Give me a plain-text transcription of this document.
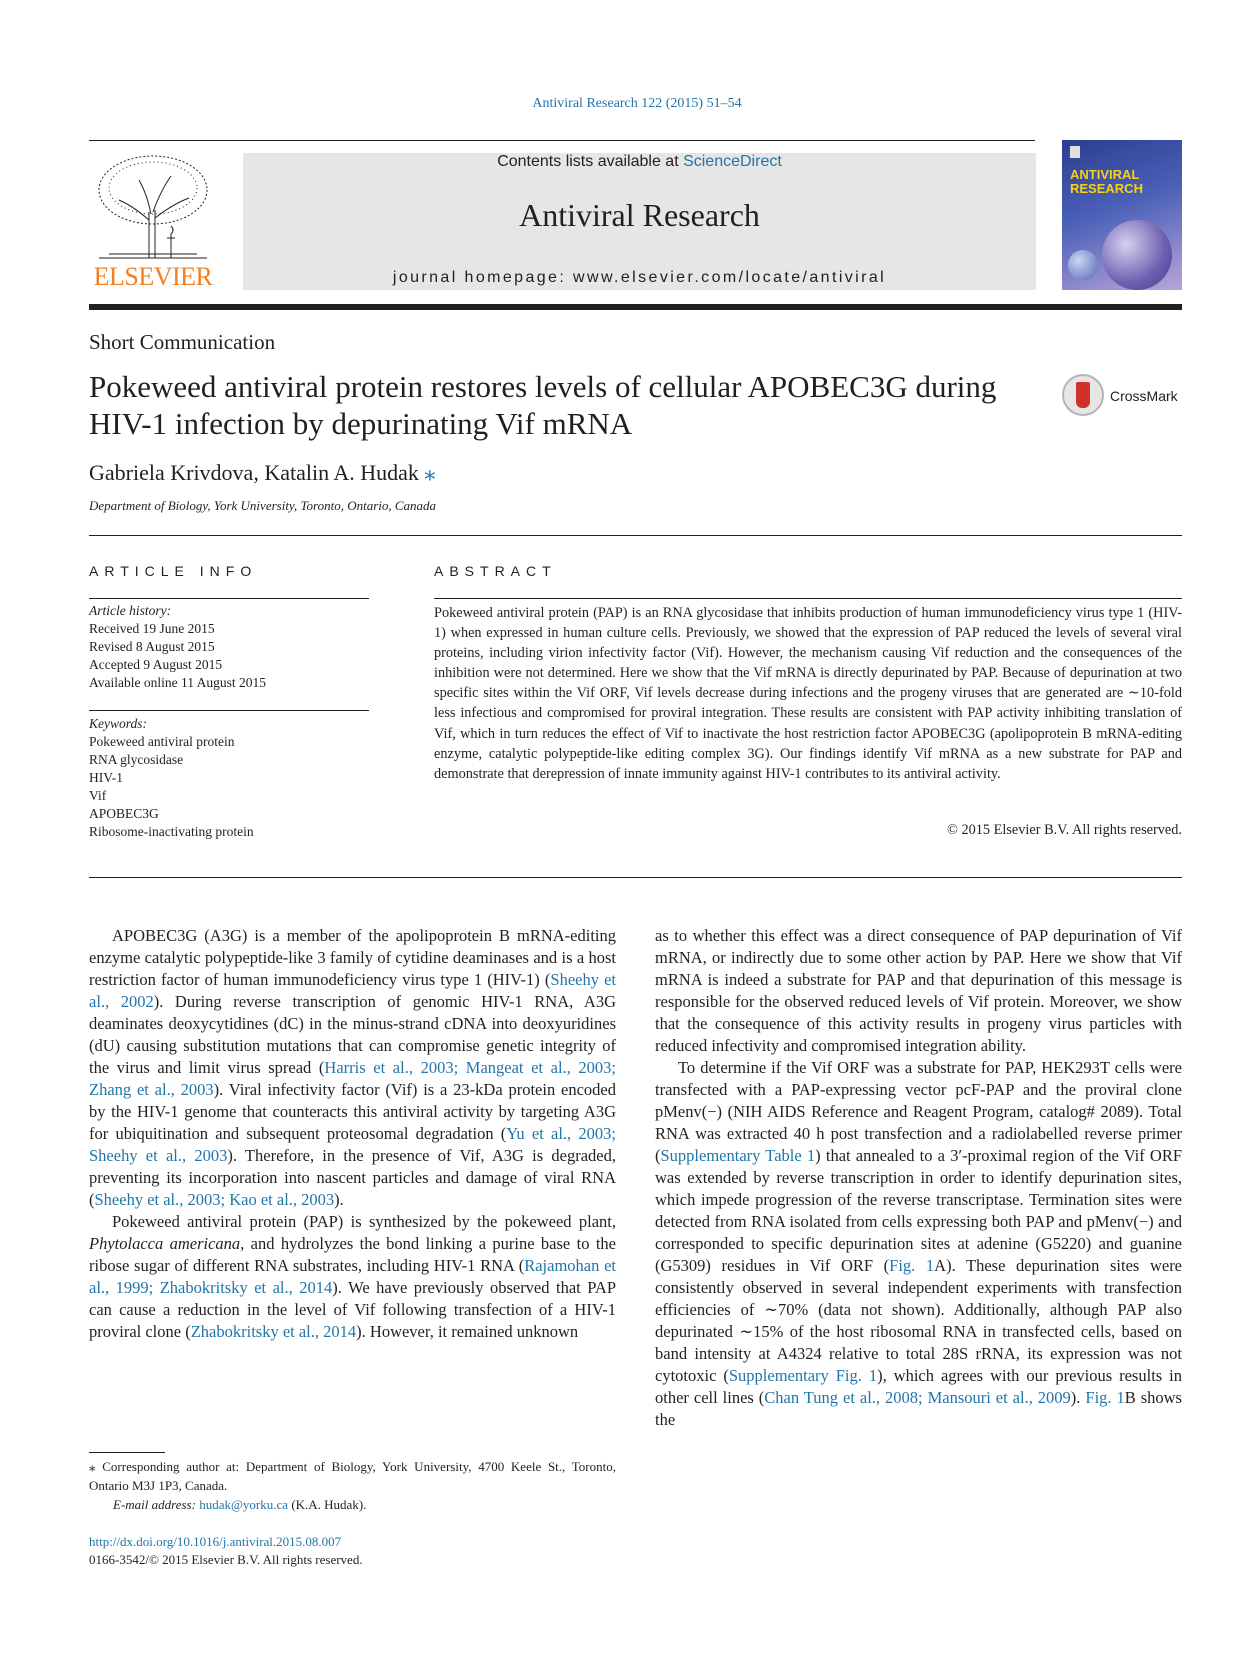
Antiviral Research 122 (2015) 51–54
ELSEVIER
Contents lists available at ScienceDirect
Antiviral Research
journal homepage: www.elsevier.com/locate/antiviral
ANTIVIRAL RESEARCH
Short Communication
Pokeweed antiviral protein restores levels of cellular APOBEC3G during HIV-1 infection by depurinating Vif mRNA
CrossMark
Gabriela Krivdova, Katalin A. Hudak ⁎
Department of Biology, York University, Toronto, Ontario, Canada
ARTICLE INFO
Article history:
Received 19 June 2015
Revised 8 August 2015
Accepted 9 August 2015
Available online 11 August 2015
Keywords:
Pokeweed antiviral protein
RNA glycosidase
HIV-1
Vif
APOBEC3G
Ribosome-inactivating protein
ABSTRACT
Pokeweed antiviral protein (PAP) is an RNA glycosidase that inhibits production of human immunodeficiency virus type 1 (HIV-1) when expressed in human culture cells. Previously, we showed that the expression of PAP reduced the levels of several viral proteins, including virion infectivity factor (Vif). However, the mechanism causing Vif reduction and the consequences of the inhibition were not determined. Here we show that the Vif mRNA is directly depurinated by PAP. Because of depurination at two specific sites within the Vif ORF, Vif levels decrease during infections and the progeny viruses that are generated are ∼10-fold less infectious and compromised for proviral integration. These results are consistent with PAP activity inhibiting translation of Vif, which in turn reduces the effect of Vif to inactivate the host restriction factor APOBEC3G (apolipoprotein B mRNA-editing enzyme, catalytic polypeptide-like editing complex 3G). Our findings identify Vif mRNA as a new substrate for PAP and demonstrate that derepression of innate immunity against HIV-1 contributes to its antiviral activity.
© 2015 Elsevier B.V. All rights reserved.

APOBEC3G (A3G) is a member of the apolipoprotein B mRNA-editing enzyme catalytic polypeptide-like 3 family of cytidine deaminases and is a host restriction factor of human immunodeficiency virus type 1 (HIV-1) (Sheehy et al., 2002). During reverse transcription of genomic HIV-1 RNA, A3G deaminates deoxycytidines (dC) in the minus-strand cDNA into deoxyuridines (dU) causing substitution mutations that can compromise genetic integrity of the virus and limit virus spread (Harris et al., 2003; Mangeat et al., 2003; Zhang et al., 2003). Viral infectivity factor (Vif) is a 23-kDa protein encoded by the HIV-1 genome that counteracts this antiviral activity by targeting A3G for ubiquitination and subsequent proteosomal degradation (Yu et al., 2003; Sheehy et al., 2003). Therefore, in the presence of Vif, A3G is degraded, preventing its incorporation into nascent particles and damage of viral RNA (Sheehy et al., 2003; Kao et al., 2003).

Pokeweed antiviral protein (PAP) is synthesized by the pokeweed plant, Phytolacca americana, and hydrolyzes the bond linking a purine base to the ribose sugar of different RNA substrates, including HIV-1 RNA (Rajamohan et al., 1999; Zhabokritsky et al., 2014). We have previously observed that PAP can cause a reduction in the level of Vif following transfection of a HIV-1 proviral clone (Zhabokritsky et al., 2014). However, it remained unknown

as to whether this effect was a direct consequence of PAP depurination of Vif mRNA, or indirectly due to some other action by PAP. Here we show that Vif mRNA is indeed a substrate for PAP and that depurination of this message is responsible for the observed reduced levels of Vif protein. Moreover, we show that the consequence of this activity results in progeny virus particles with reduced infectivity and compromised integration ability.

To determine if the Vif ORF was a substrate for PAP, HEK293T cells were transfected with a PAP-expressing vector pcF-PAP and the proviral clone pMenv(−) (NIH AIDS Reference and Reagent Program, catalog# 2089). Total RNA was extracted 40 h post transfection and a radiolabelled reverse primer (Supplementary Table 1) that annealed to a 3′-proximal region of the Vif ORF was extended by reverse transcription in order to identify depurination sites, which impede progression of the reverse transcriptase. Termination sites were detected from RNA isolated from cells expressing both PAP and pMenv(−) and corresponded to specific depurination sites at adenine (G5220) and guanine (G5309) residues in Vif ORF (Fig. 1A). These depurination sites were consistently observed in several independent experiments with transfection efficiencies of ∼70% (data not shown). Additionally, although PAP also depurinated ∼15% of the host ribosomal RNA in transfected cells, based on band intensity at A4324 relative to total 28S rRNA, its expression was not cytotoxic (Supplementary Fig. 1), which agrees with our previous results in other cell lines (Chan Tung et al., 2008; Mansouri et al., 2009). Fig. 1B shows the

⁎ Corresponding author at: Department of Biology, York University, 4700 Keele St., Toronto, Ontario M3J 1P3, Canada.
E-mail address: hudak@yorku.ca (K.A. Hudak).
http://dx.doi.org/10.1016/j.antiviral.2015.08.007
0166-3542/© 2015 Elsevier B.V. All rights reserved.
